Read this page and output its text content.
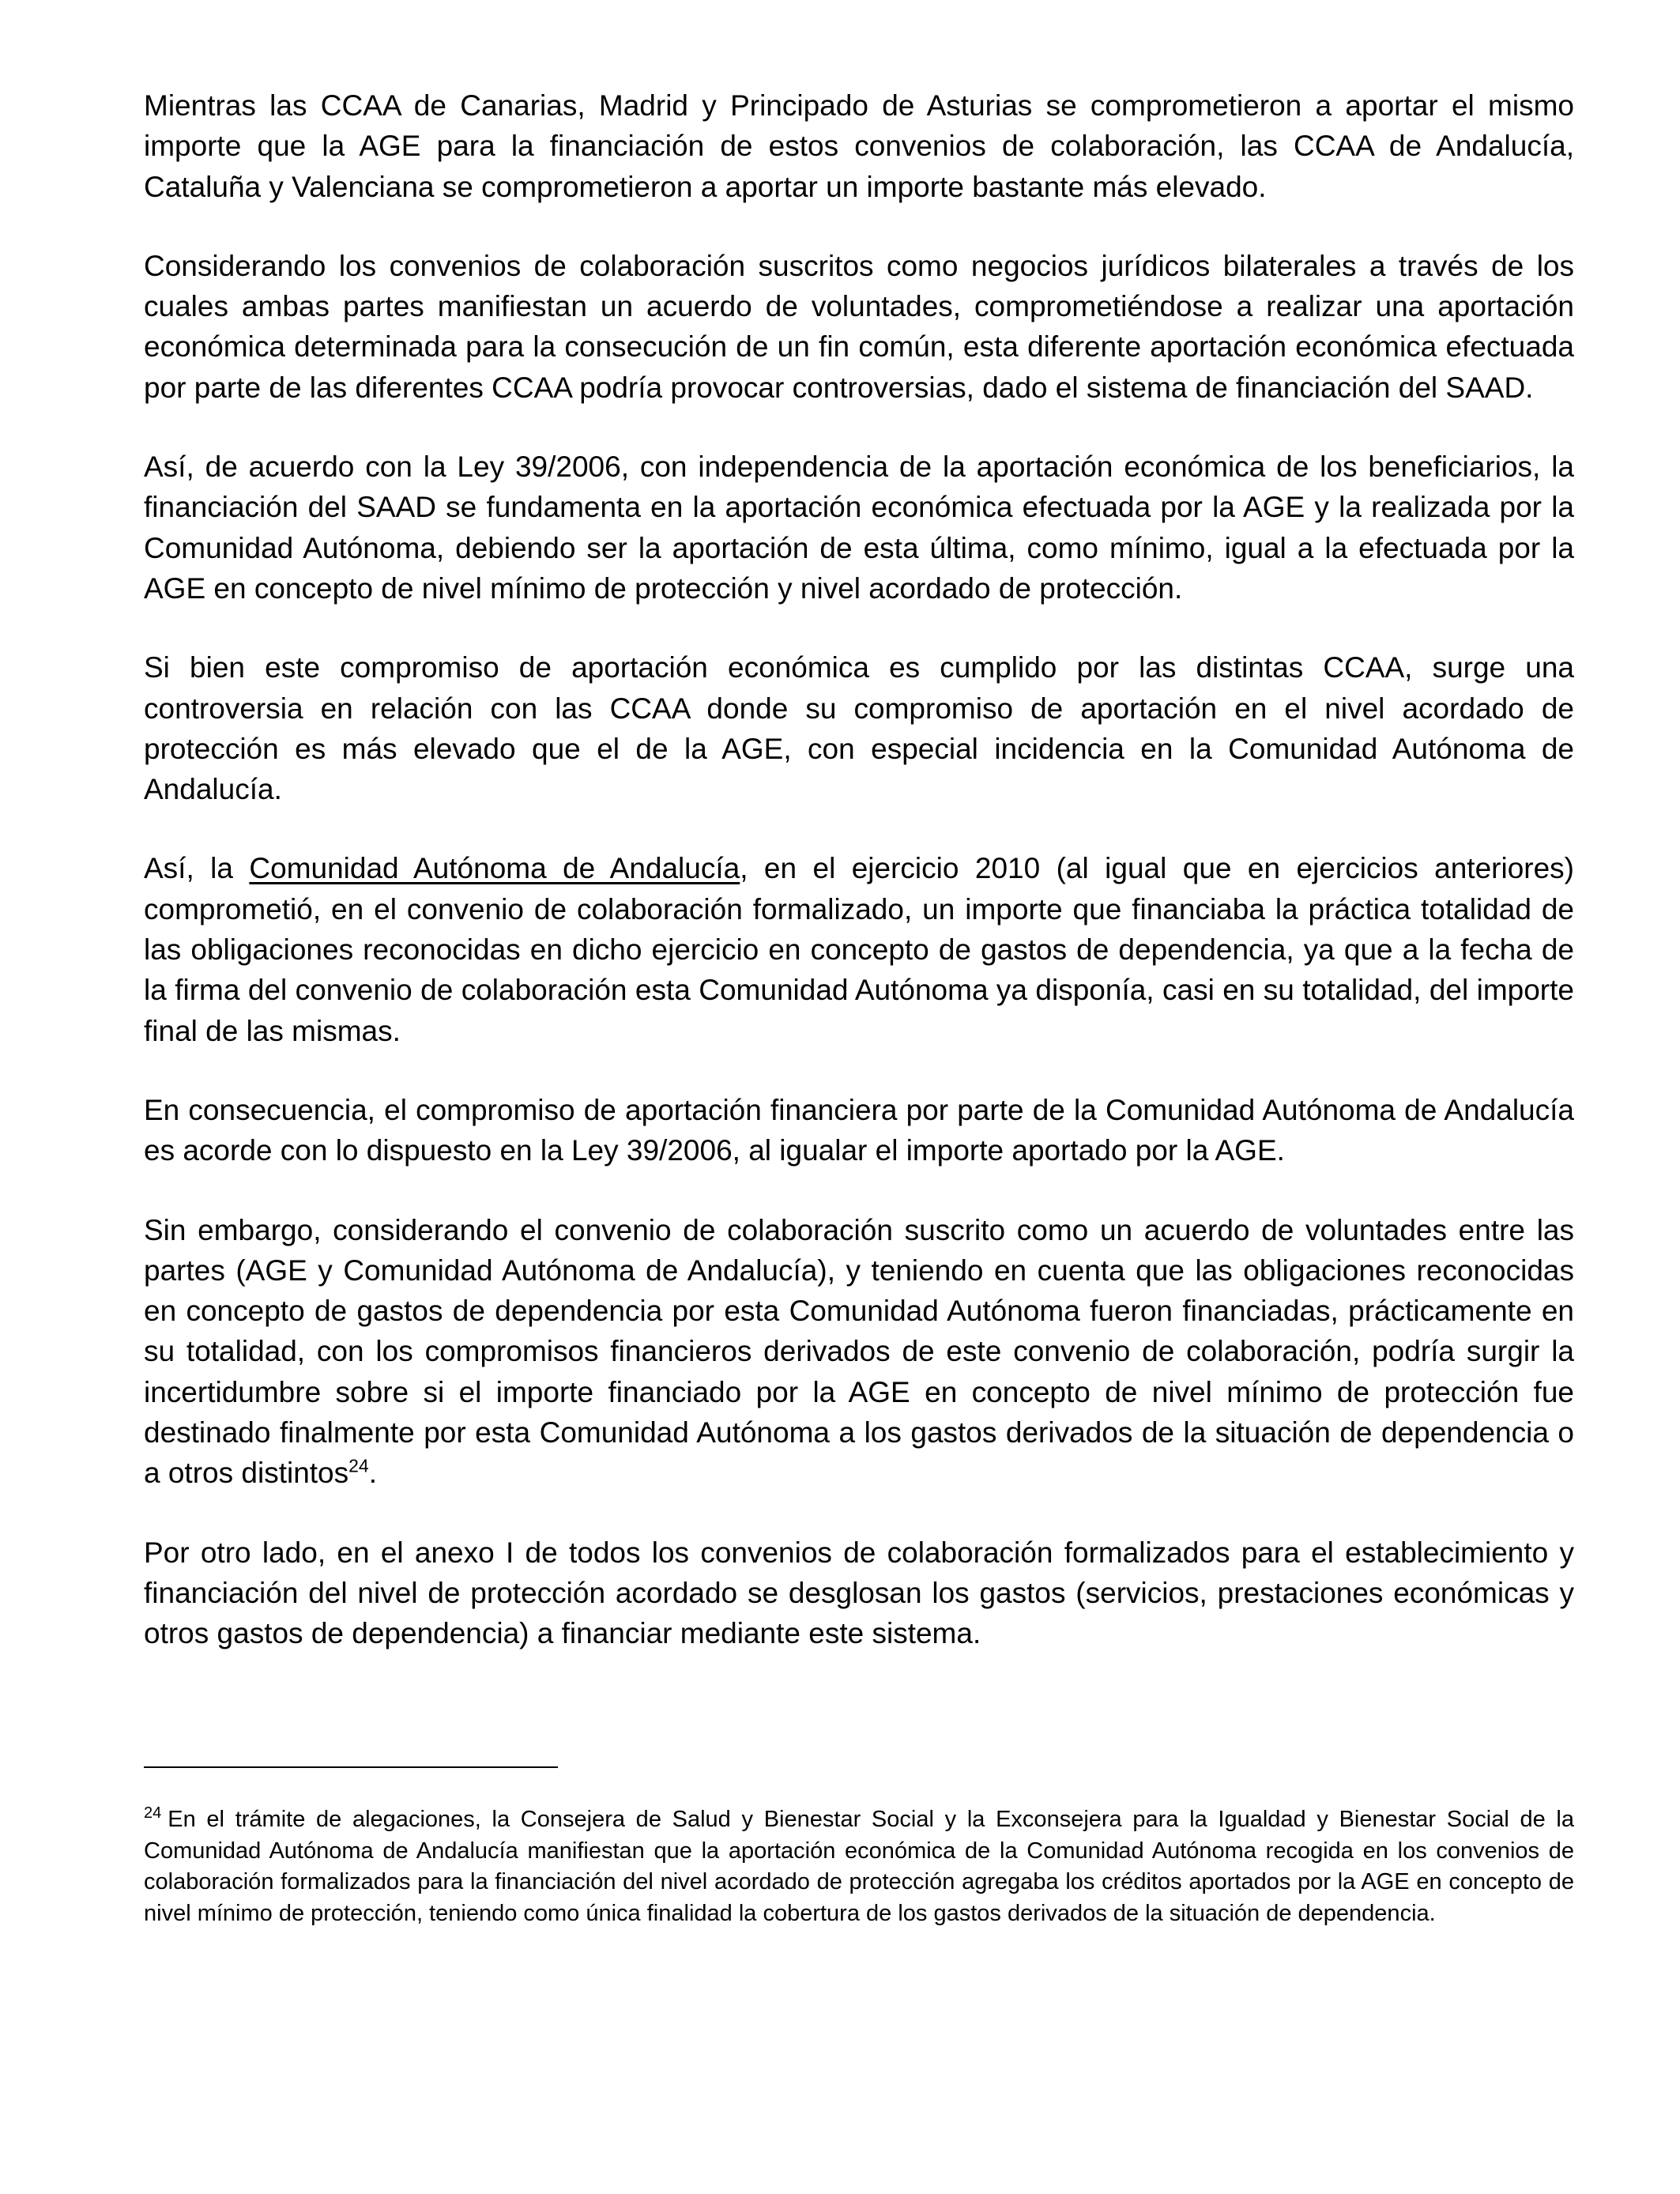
Mientras las CCAA de Canarias, Madrid y Principado de Asturias se comprometieron a aportar el mismo importe que la AGE para la financiación de estos convenios de colaboración, las CCAA de Andalucía, Cataluña y Valenciana se comprometieron a aportar un importe bastante más elevado.

Considerando los convenios de colaboración suscritos como negocios jurídicos bilaterales a través de los cuales ambas partes manifiestan un acuerdo de voluntades, comprometiéndose a realizar una aportación económica determinada para la consecución de un fin común, esta diferente aportación económica efectuada por parte de las diferentes CCAA podría provocar controversias, dado el sistema de financiación del SAAD.

Así, de acuerdo con la Ley 39/2006, con independencia de la aportación económica de los beneficiarios, la financiación del SAAD se fundamenta en la aportación económica efectuada por la AGE y la realizada por la Comunidad Autónoma, debiendo ser la aportación de esta última, como mínimo, igual a la efectuada por la AGE en concepto de nivel mínimo de protección y nivel acordado de protección.

Si bien este compromiso de aportación económica es cumplido por las distintas CCAA, surge una controversia en relación con las CCAA donde su compromiso de aportación en el nivel acordado de protección es más elevado que el de la AGE, con especial incidencia en la Comunidad Autónoma de Andalucía.

Así, la Comunidad Autónoma de Andalucía, en el ejercicio 2010 (al igual que en ejercicios anteriores) comprometió, en el convenio de colaboración formalizado, un importe que financiaba la práctica totalidad de las obligaciones reconocidas en dicho ejercicio en concepto de gastos de dependencia, ya que a la fecha de la firma del convenio de colaboración esta Comunidad Autónoma ya disponía, casi en su totalidad, del importe final de las mismas.

En consecuencia, el compromiso de aportación financiera por parte de la Comunidad Autónoma de Andalucía es acorde con lo dispuesto en la Ley 39/2006, al igualar el importe aportado por la AGE.

Sin embargo, considerando el convenio de colaboración suscrito como un acuerdo de voluntades entre las partes (AGE y Comunidad Autónoma de Andalucía), y teniendo en cuenta que las obligaciones reconocidas en concepto de gastos de dependencia por esta Comunidad Autónoma fueron financiadas, prácticamente en su totalidad, con los compromisos financieros derivados de este convenio de colaboración, podría surgir la incertidumbre sobre si el importe financiado por la AGE en concepto de nivel mínimo de protección fue destinado finalmente por esta Comunidad Autónoma a los gastos derivados de la situación de dependencia o a otros distintos$^{24}$.

Por otro lado, en el anexo I de todos los convenios de colaboración formalizados para el establecimiento y financiación del nivel de protección acordado se desglosan los gastos (servicios, prestaciones económicas y otros gastos de dependencia) a financiar mediante este sistema.

$^{24}$ En el trámite de alegaciones, la Consejera de Salud y Bienestar Social y la Exconsejera para la Igualdad y Bienestar Social de la Comunidad Autónoma de Andalucía manifiestan que la aportación económica de la Comunidad Autónoma recogida en los convenios de colaboración formalizados para la financiación del nivel acordado de protección agregaba los créditos aportados por la AGE en concepto de nivel mínimo de protección, teniendo como única finalidad la cobertura de los gastos derivados de la situación de dependencia.
